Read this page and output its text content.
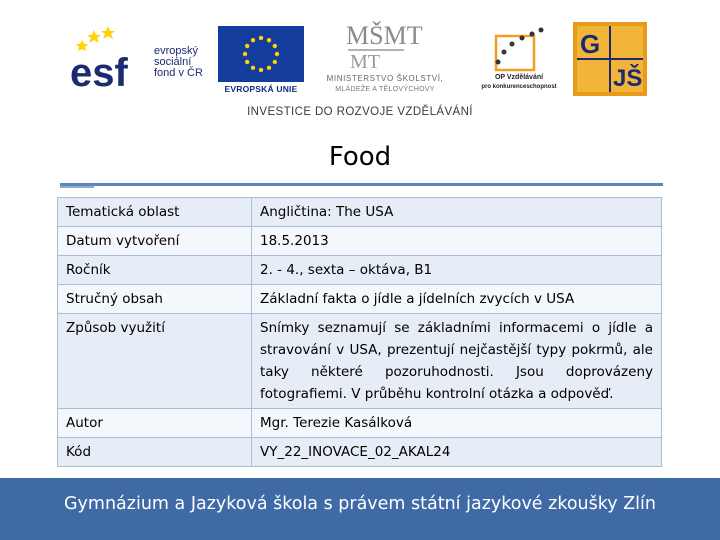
esf evropský
sociální
fond v ČR
EVROPSKÁ UNIE
MŠMT
MT
MINISTERSTVO ŠKOLSTVÍ,
MLÁDEŽE A TĚLOVÝCHOVY
OP Vzdělávání
pro konkurenceschopnost
G
JŠ
INVESTICE DO ROZVOJE VZDĚLÁVÁNÍ
Food
Tematická oblast	Angličtina: The USA
Datum vytvoření	18.5.2013
Ročník	2. - 4., sexta – oktáva, B1
Stručný obsah	Základní fakta o jídle a jídelních zvycích v USA
Způsob využití	Snímky seznamují se základními informacemi o jídle a stravování v USA, prezentují nejčastější typy pokrmů, ale taky některé pozoruhodnosti. Jsou doprovázeny fotografiemi. V průběhu kontrolní otázka a odpověď.
Autor	Mgr. Terezie Kasálková
Kód	VY_22_INOVACE_02_AKAL24
Gymnázium a Jazyková škola s právem státní jazykové zkoušky Zlín
